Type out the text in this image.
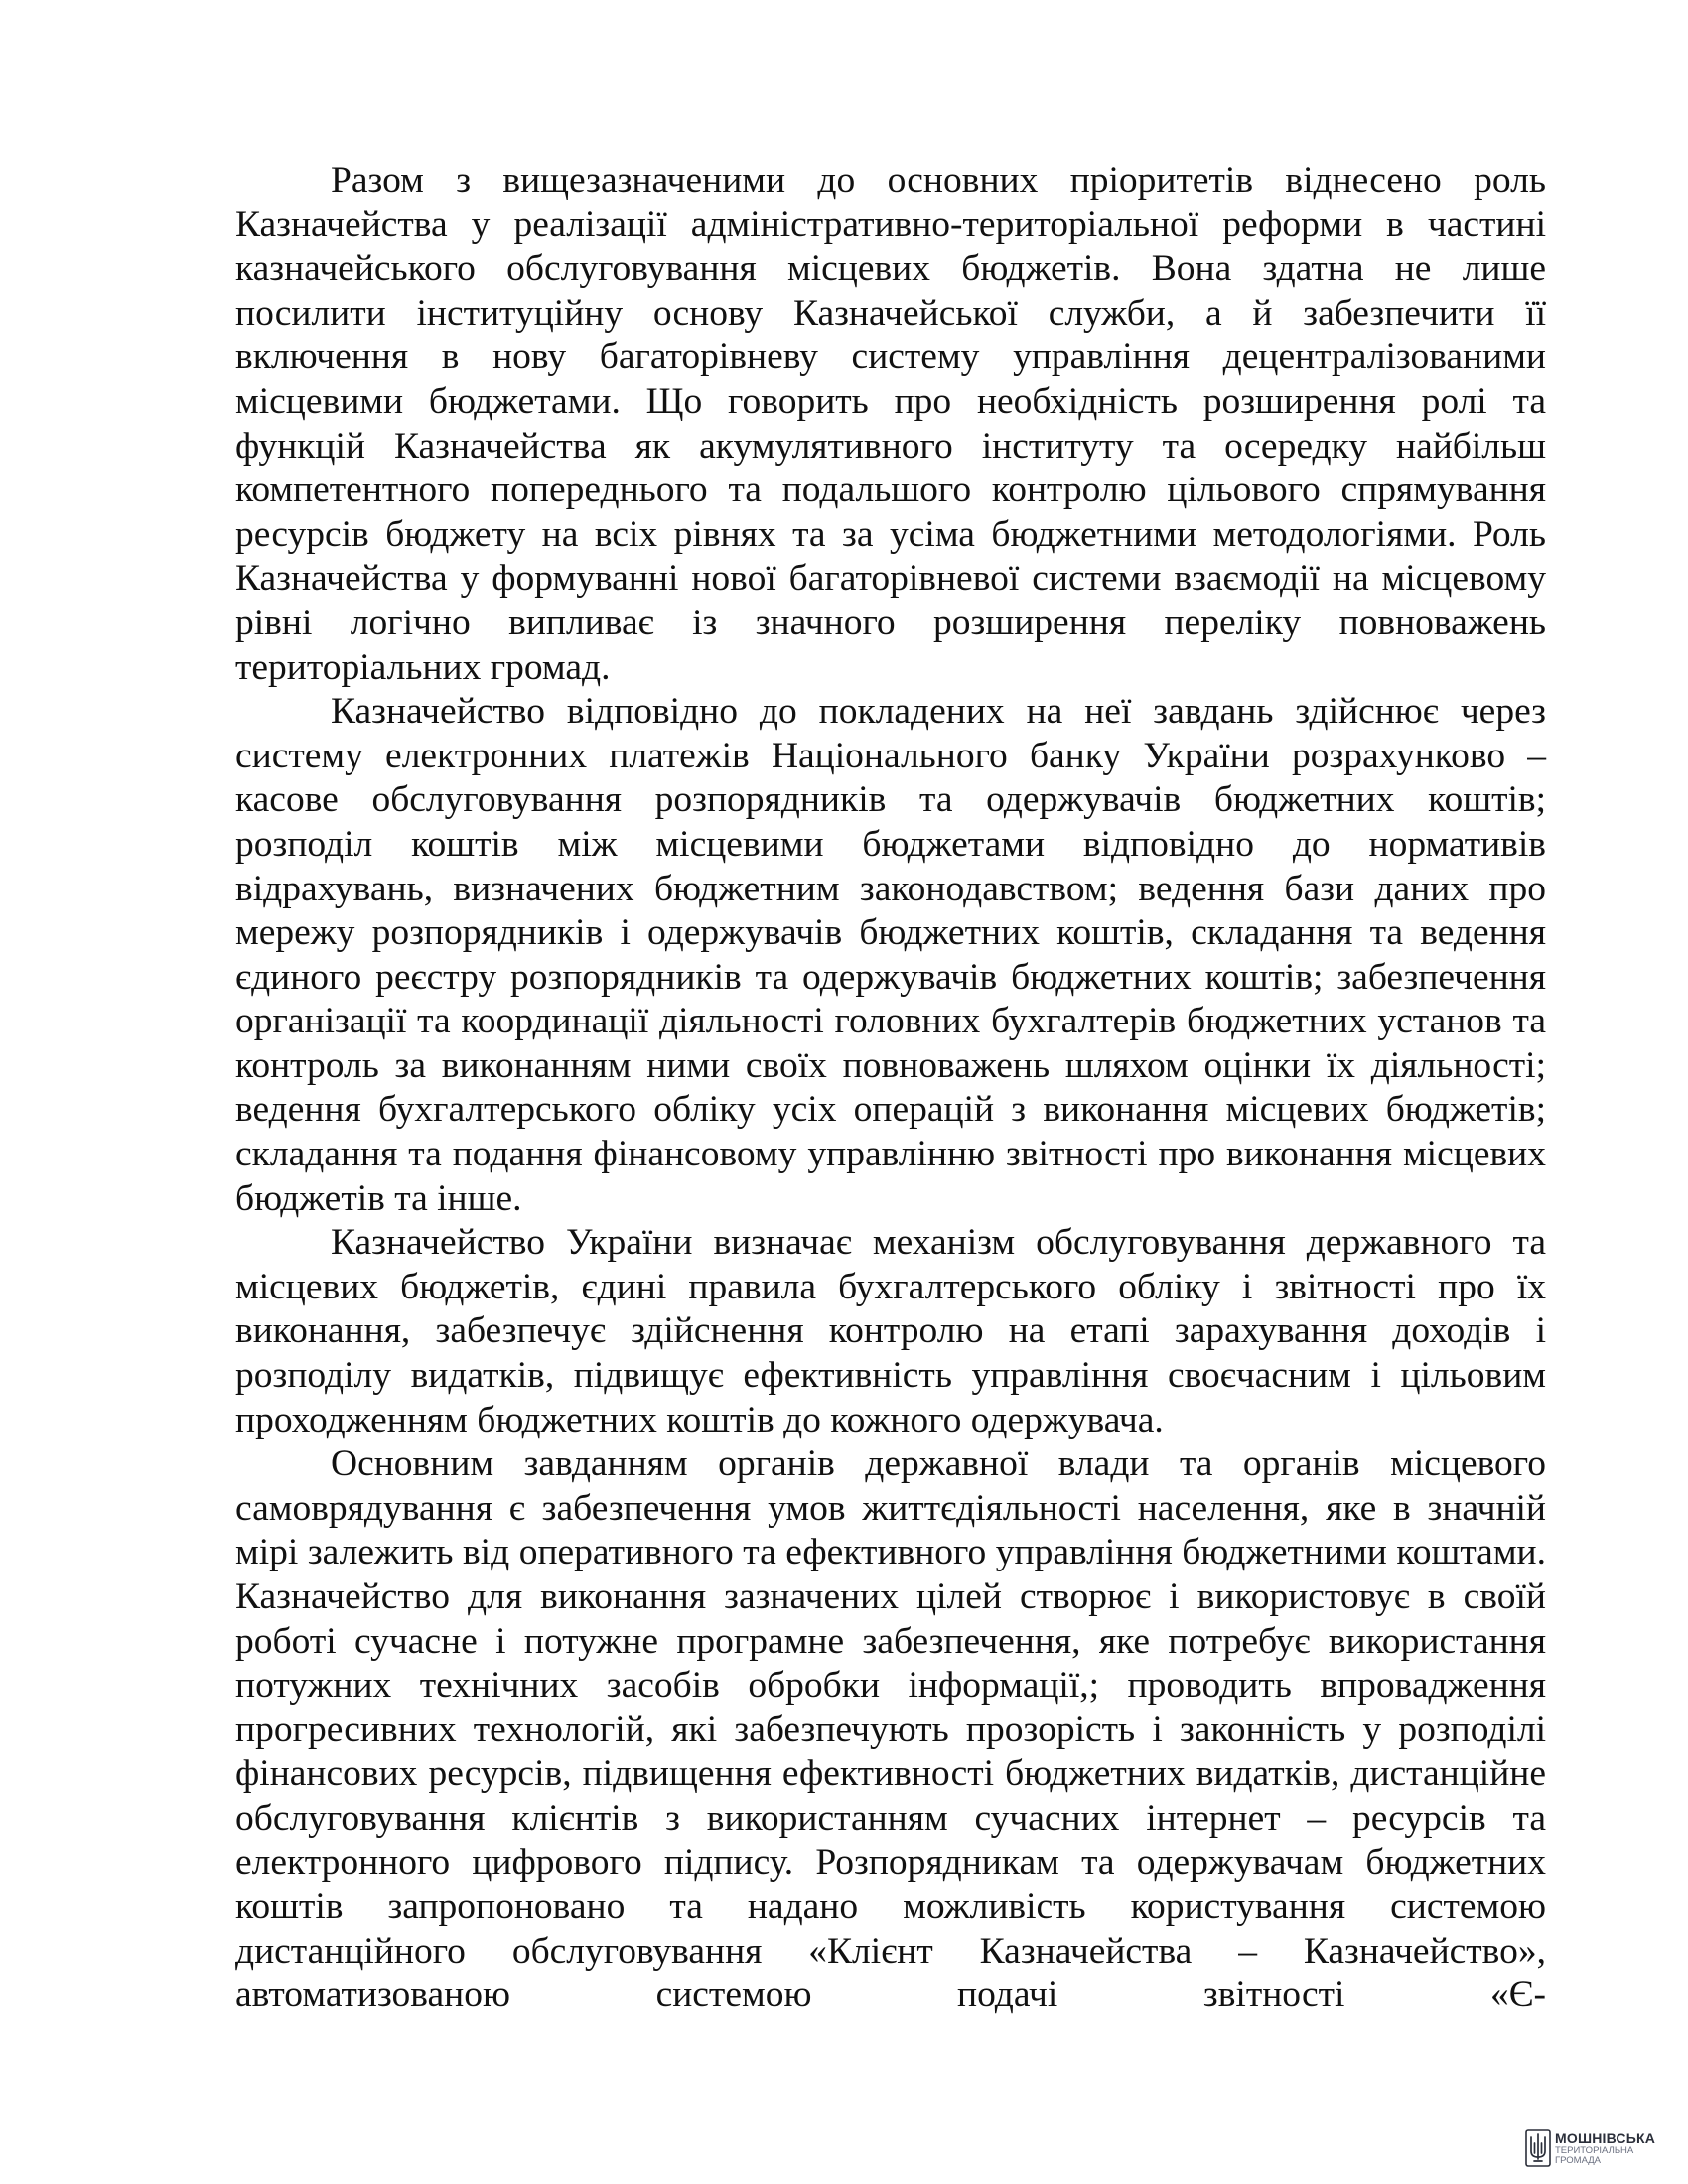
Разом з вищезазначеними до основних пріоритетів віднесено роль Казначейства у реалізації адміністративно-територіальної реформи в частині казначейського обслуговування місцевих бюджетів. Вона здатна не лише посилити інституційну основу Казначейської служби, а й забезпечити її включення в нову багаторівневу систему управління децентралізованими місцевими бюджетами. Що говорить про необхідність розширення ролі та функцій Казначейства як акумулятивного інституту та осередку найбільш компетентного попереднього та подальшого контролю цільового спрямування ресурсів бюджету на всіх рівнях та за усіма бюджетними методологіями. Роль Казначейства у формуванні нової багаторівневої системи взаємодії на місцевому рівні логічно випливає із значного розширення переліку повноважень територіальних громад.

Казначейство відповідно до покладених на неї завдань здійснює через систему електронних платежів Національного банку України розрахунково – касове обслуговування розпорядників та одержувачів бюджетних коштів; розподіл коштів між місцевими бюджетами відповідно до нормативів відрахувань, визначених бюджетним законодавством; ведення бази даних про мережу розпорядників і одержувачів бюджетних коштів, складання та ведення єдиного реєстру розпорядників та одержувачів бюджетних коштів; забезпечення організації та координації діяльності головних бухгалтерів бюджетних установ та контроль за виконанням ними своїх повноважень шляхом оцінки їх діяльності; ведення бухгалтерського обліку усіх операцій з виконання місцевих бюджетів; складання та подання фінансовому управлінню звітності про виконання місцевих бюджетів та інше.

Казначейство України визначає механізм обслуговування державного та місцевих бюджетів, єдині правила бухгалтерського обліку і звітності про їх виконання, забезпечує здійснення контролю на етапі зарахування доходів і розподілу видатків, підвищує ефективність управління своєчасним і цільовим проходженням бюджетних коштів до кожного одержувача.

Основним завданням органів державної влади та органів місцевого самоврядування є забезпечення умов життєдіяльності населення, яке в значній мірі залежить від оперативного та ефективного управління бюджетними коштами. Казначейство для виконання зазначених цілей створює і використовує в своїй роботі сучасне і потужне програмне забезпечення, яке потребує використання потужних технічних засобів обробки інформації,; проводить впровадження прогресивних технологій, які забезпечують прозорість і законність у розподілі фінансових ресурсів, підвищення ефективності бюджетних видатків, дистанційне обслуговування клієнтів з використанням сучасних інтернет – ресурсів та електронного цифрового підпису. Розпорядникам та одержувачам бюджетних коштів запропоновано та надано можливість користування системою дистанційного обслуговування «Клієнт Казначейства – Казначейство», автоматизованою системою подачі звітності «Є-

МОШНІВСЬКА
ТЕРИТОРІАЛЬНА
ГРОМАДА
